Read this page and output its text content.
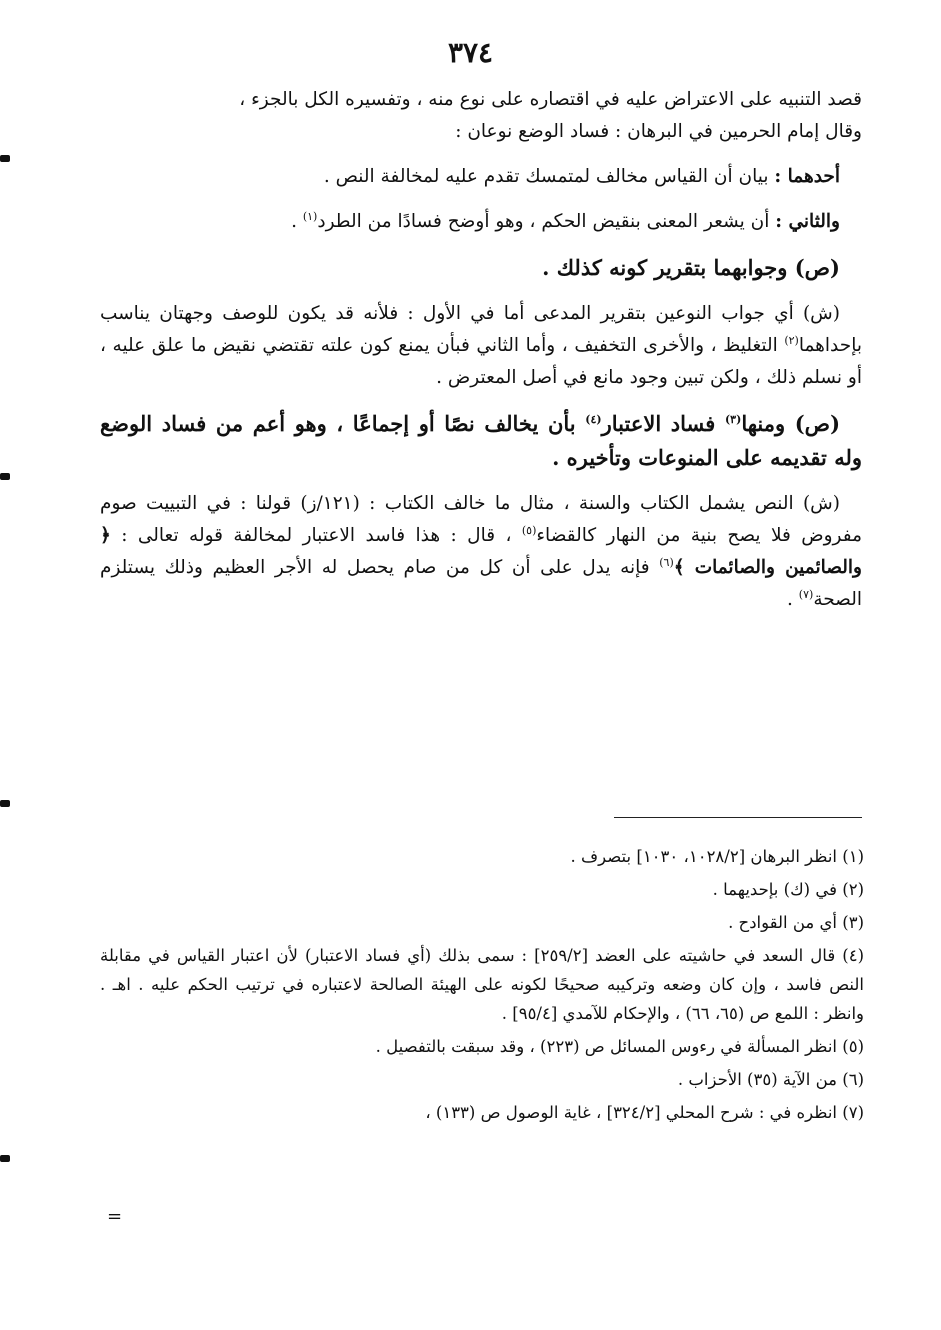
٣٧٤

قصد التنبيه على الاعتراض عليه في اقتصاره على نوع منه ، وتفسيره الكل بالجزء ،

وقال إمام الحرمين في البرهان : فساد الوضع نوعان :

أحدهما : بيان أن القياس مخالف لمتمسك تقدم عليه لمخالفة النص .

والثاني : أن يشعر المعنى بنقيض الحكم ، وهو أوضح فسادًا من الطرد$^{(١)}$ .

(ص) وجوابهما بتقرير كونه كذلك .

(ش) أي جواب النوعين بتقرير المدعى أما في الأول : فلأنه قد يكون للوصف وجهتان يناسب بإحداهما$^{(٢)}$ التغليظ ، والأخرى التخفيف ، وأما الثاني فبأن يمنع كون علته تقتضي نقيض ما علق عليه ، أو نسلم ذلك ، ولكن تبين وجود مانع في أصل المعترض .

(ص) ومنها$^{(٣)}$ فساد الاعتبار$^{(٤)}$ بأن يخالف نصًا أو إجماعًا ، وهو أعم من فساد الوضع وله تقديمه على المنوعات وتأخيره .

(ش) النص يشمل الكتاب والسنة ، مثال ما خالف الكتاب : (١٢١/ز) قولنا : في التبييت صوم مفروض فلا يصح بنية من النهار كالقضاء$^{(٥)}$ ، قال : هذا فاسد الاعتبار لمخالفة قوله تعالى : ﴿ والصائمين والصائمات ﴾$^{(٦)}$ فإنه يدل على أن كل من صام يحصل له الأجر العظيم وذلك يستلزم الصحة$^{(٧)}$ .

(١) انظر البرهان [١٠٢٨/٢، ١٠٣٠] بتصرف .

(٢) في (ك) بإحديهما .

(٣) أي من القوادح .

(٤) قال السعد في حاشيته على العضد [٢٥٩/٢] : سمى بذلك (أي فساد الاعتبار) لأن اعتبار القياس في مقابلة النص فاسد ، وإن كان وضعه وتركيبه صحيحًا لكونه على الهيئة الصالحة لاعتباره في ترتيب الحكم عليه . اهـ . وانظر : اللمع ص (٦٥، ٦٦) ، والإحكام للآمدي [٩٥/٤] .

(٥) انظر المسألة في رءوس المسائل ص (٢٢٣) ، وقد سبقت بالتفصيل .

(٦) من الآية (٣٥) الأحزاب .

(٧) انظره في : شرح المحلي [٣٢٤/٢] ، غاية الوصول ص (١٣٣) ،

=
